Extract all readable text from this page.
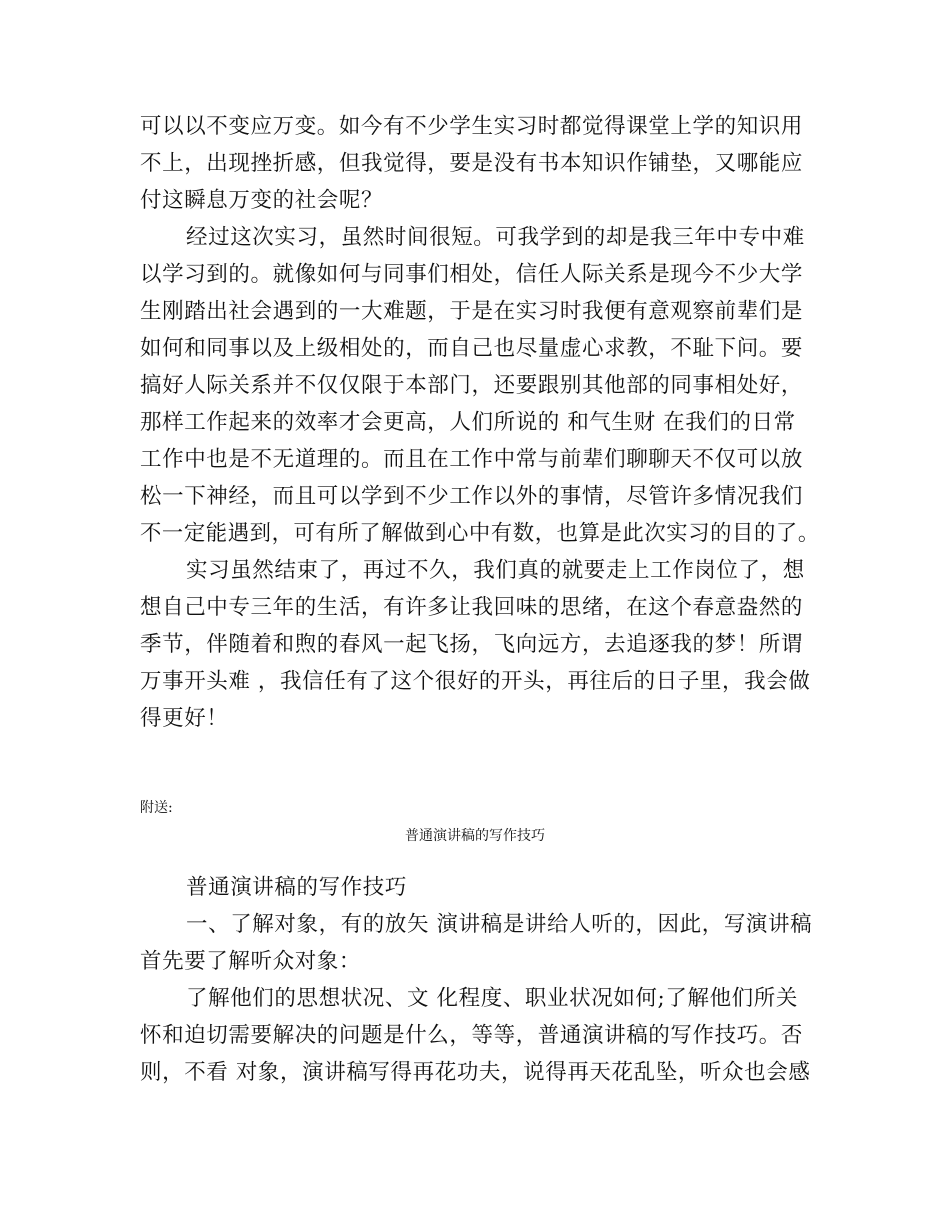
可以以不变应万变。如今有不少学生实习时都觉得课堂上学的知识用
不上，出现挫折感，但我觉得，要是没有书本知识作铺垫，又哪能应
付这瞬息万变的社会呢？
经过这次实习，虽然时间很短。可我学到的却是我三年中专中难
以学习到的。就像如何与同事们相处，信任人际关系是现今不少大学
生刚踏出社会遇到的一大难题，于是在实习时我便有意观察前辈们是
如何和同事以及上级相处的，而自己也尽量虚心求教，不耻下问。要
搞好人际关系并不仅仅限于本部门，还要跟别其他部的同事相处好，
那样工作起来的效率才会更高，人们所说的 和气生财 在我们的日常
工作中也是不无道理的。而且在工作中常与前辈们聊聊天不仅可以放
松一下神经，而且可以学到不少工作以外的事情，尽管许多情况我们
不一定能遇到，可有所了解做到心中有数，也算是此次实习的目的了。
实习虽然结束了，再过不久，我们真的就要走上工作岗位了，想
想自己中专三年的生活，有许多让我回味的思绪，在这个春意盎然的
季节，伴随着和煦的春风一起飞扬，飞向远方，去追逐我的梦！所谓
万事开头难 ，我信任有了这个很好的开头，再往后的日子里，我会做
得更好！
附送:
普通演讲稿的写作技巧
普通演讲稿的写作技巧
一、了解对象，有的放矢 演讲稿是讲给人听的，因此，写演讲稿
首先要了解听众对象：
了解他们的思想状况、文 化程度、职业状况如何;了解他们所关
怀和迫切需要解决的问题是什么，等等，普通演讲稿的写作技巧。否
则，不看 对象，演讲稿写得再花功夫，说得再天花乱坠，听众也会感
